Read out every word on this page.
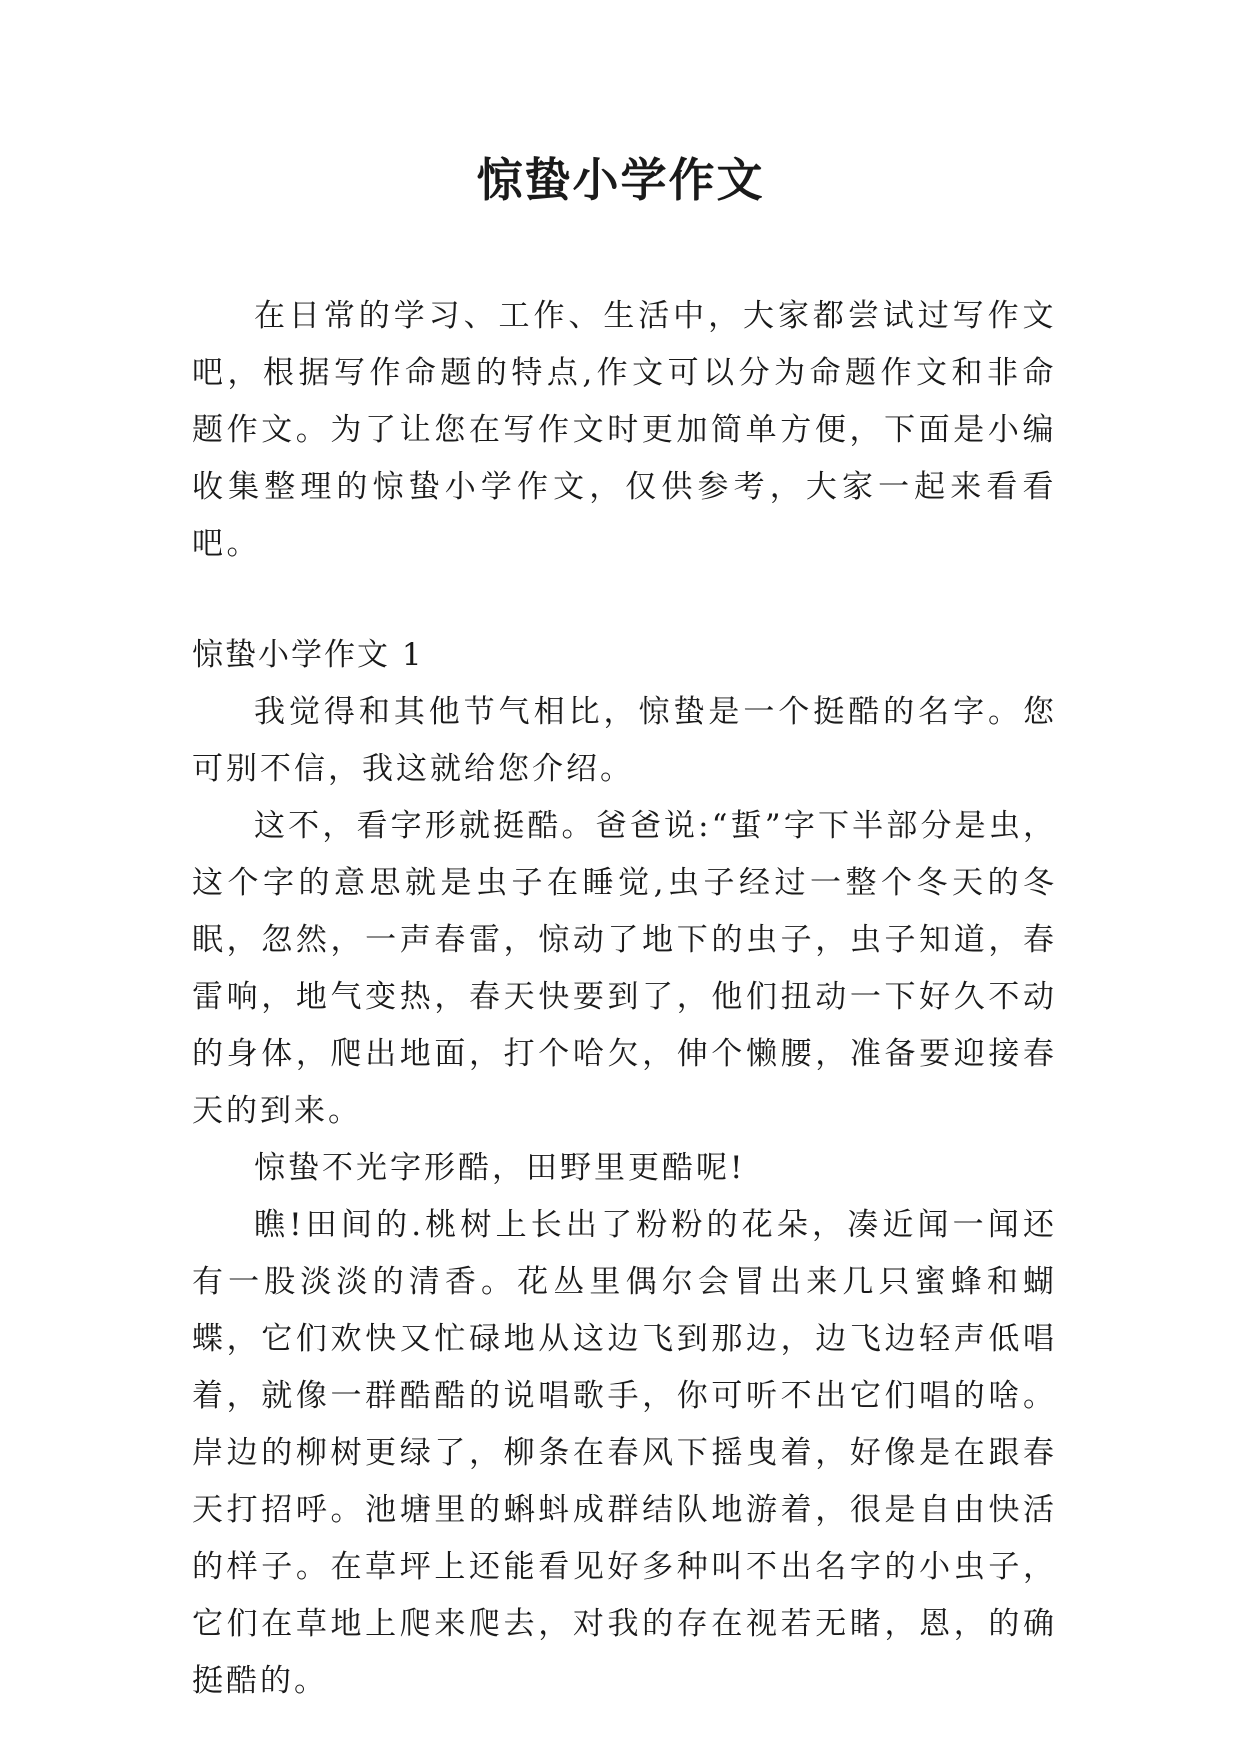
惊蛰小学作文

在日常的学习、工作、生活中，大家都尝试过写作文吧，根据写作命题的特点,作文可以分为命题作文和非命题作文。为了让您在写作文时更加简单方便，下面是小编收集整理的惊蛰小学作文，仅供参考，大家一起来看看吧。

惊蛰小学作文 1

我觉得和其他节气相比，惊蛰是一个挺酷的名字。您可别不信，我这就给您介绍。

这不，看字形就挺酷。爸爸说:“蜇”字下半部分是虫，这个字的意思就是虫子在睡觉,虫子经过一整个冬天的冬眠，忽然，一声春雷，惊动了地下的虫子，虫子知道，春雷响，地气变热，春天快要到了，他们扭动一下好久不动的身体，爬出地面，打个哈欠，伸个懒腰，准备要迎接春天的到来。

惊蛰不光字形酷，田野里更酷呢!

瞧!田间的.桃树上长出了粉粉的花朵，凑近闻一闻还有一股淡淡的清香。花丛里偶尔会冒出来几只蜜蜂和蝴蝶，它们欢快又忙碌地从这边飞到那边，边飞边轻声低唱着，就像一群酷酷的说唱歌手，你可听不出它们唱的啥。岸边的柳树更绿了，柳条在春风下摇曳着，好像是在跟春天打招呼。池塘里的蝌蚪成群结队地游着，很是自由快活的样子。在草坪上还能看见好多种叫不出名字的小虫子，它们在草地上爬来爬去，对我的存在视若无睹，恩，的确挺酷的。
